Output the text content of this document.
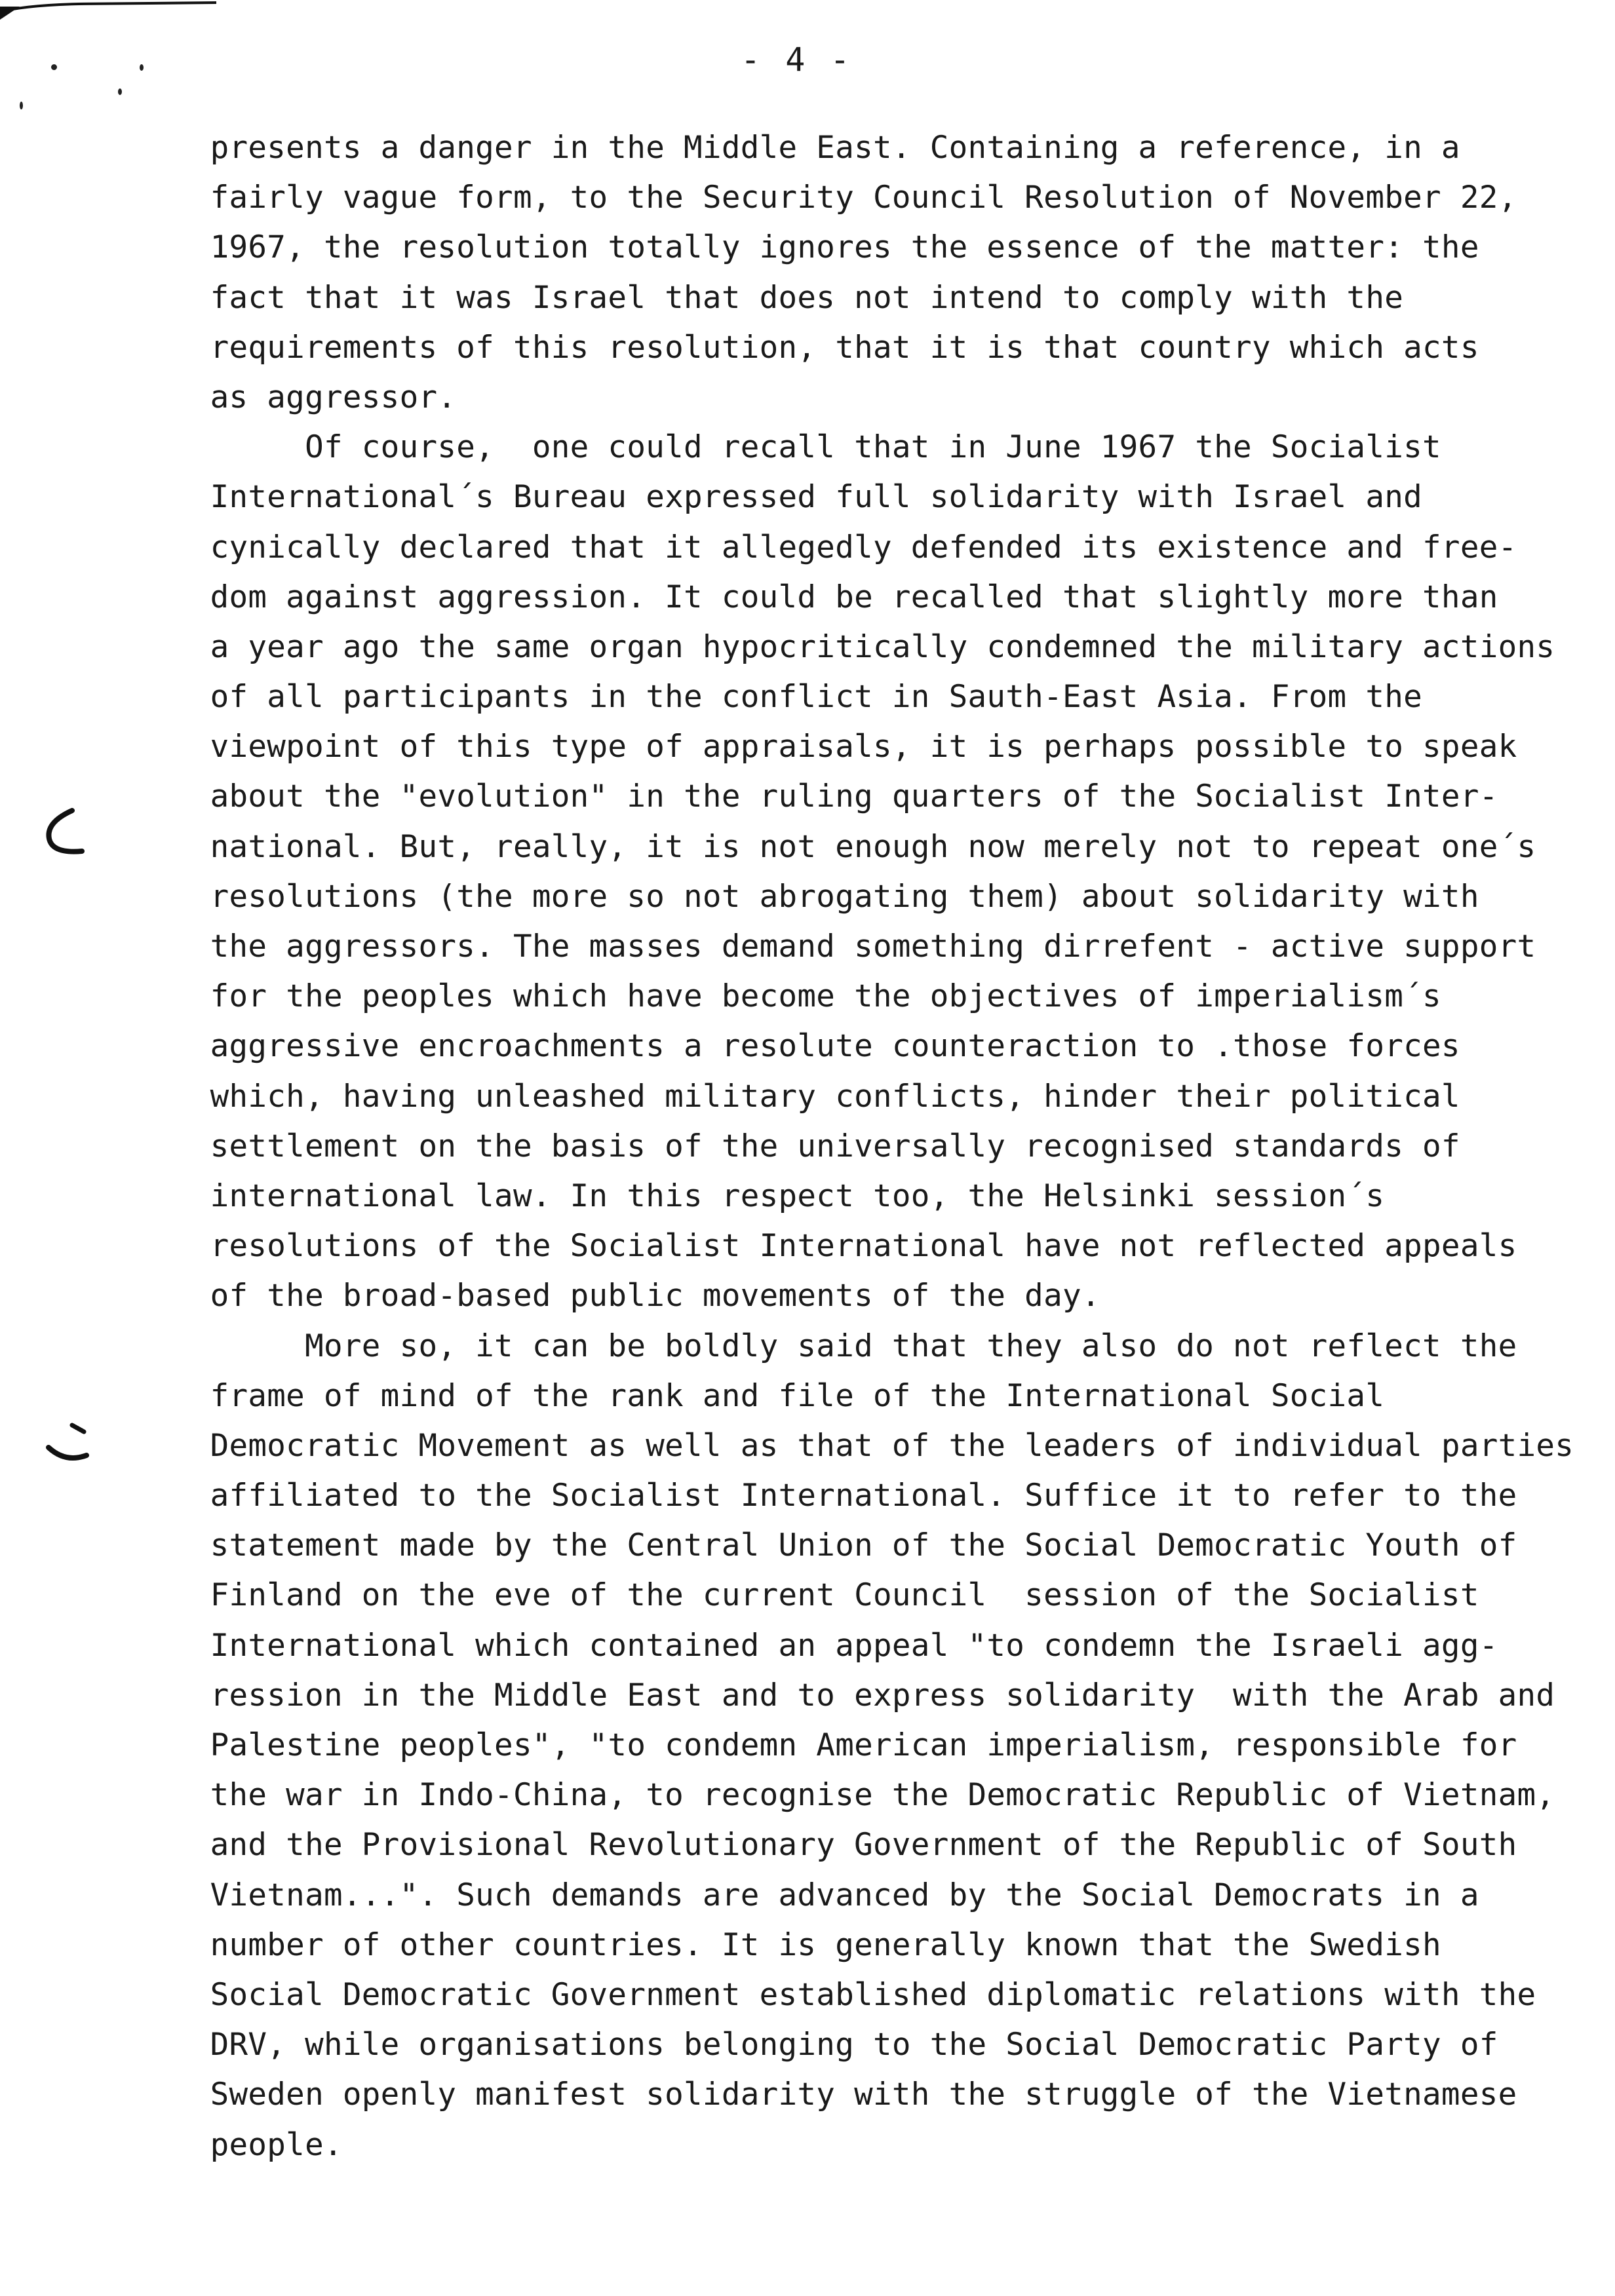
- 4 -
presents a danger in the Middle East. Containing a reference, in a
fairly vague form, to the Security Council Resolution of November 22,
1967, the resolution totally ignores the essence of the matter: the
fact that it was Israel that does not intend to comply with the
requirements of this resolution, that it is that country which acts
as aggressor.
Of course,  one could recall that in June 1967 the Socialist
International´s Bureau expressed full solidarity with Israel and
cynically declared that it allegedly defended its existence and free-
dom against aggression. It could be recalled that slightly more than
a year ago the same organ hypocritically condemned the military actions
of all participants in the conflict in Sauth-East Asia. From the
viewpoint of this type of appraisals, it is perhaps possible to speak
about the "evolution" in the ruling quarters of the Socialist Inter-
national. But, really, it is not enough now merely not to repeat one´s
resolutions (the more so not abrogating them) about solidarity with
the aggressors. The masses demand something dirrefent - active support
for the peoples which have become the objectives of imperialism´s
aggressive encroachments a resolute counteraction to .those forces
which, having unleashed military conflicts, hinder their political
settlement on the basis of the universally recognised standards of
international law. In this respect too, the Helsinki session´s
resolutions of the Socialist International have not reflected appeals
of the broad-based public movements of the day.
More so, it can be boldly said that they also do not reflect the
frame of mind of the rank and file of the International Social
Democratic Movement as well as that of the leaders of individual parties
affiliated to the Socialist International. Suffice it to refer to the
statement made by the Central Union of the Social Democratic Youth of
Finland on the eve of the current Council  session of the Socialist
International which contained an appeal "to condemn the Israeli agg-
ression in the Middle East and to express solidarity  with the Arab and
Palestine peoples", "to condemn American imperialism, responsible for
the war in Indo-China, to recognise the Democratic Republic of Vietnam,
and the Provisional Revolutionary Government of the Republic of South
Vietnam...". Such demands are advanced by the Social Democrats in a
number of other countries. It is generally known that the Swedish
Social Democratic Government established diplomatic relations with the
DRV, while organisations belonging to the Social Democratic Party of
Sweden openly manifest solidarity with the struggle of the Vietnamese
people.
